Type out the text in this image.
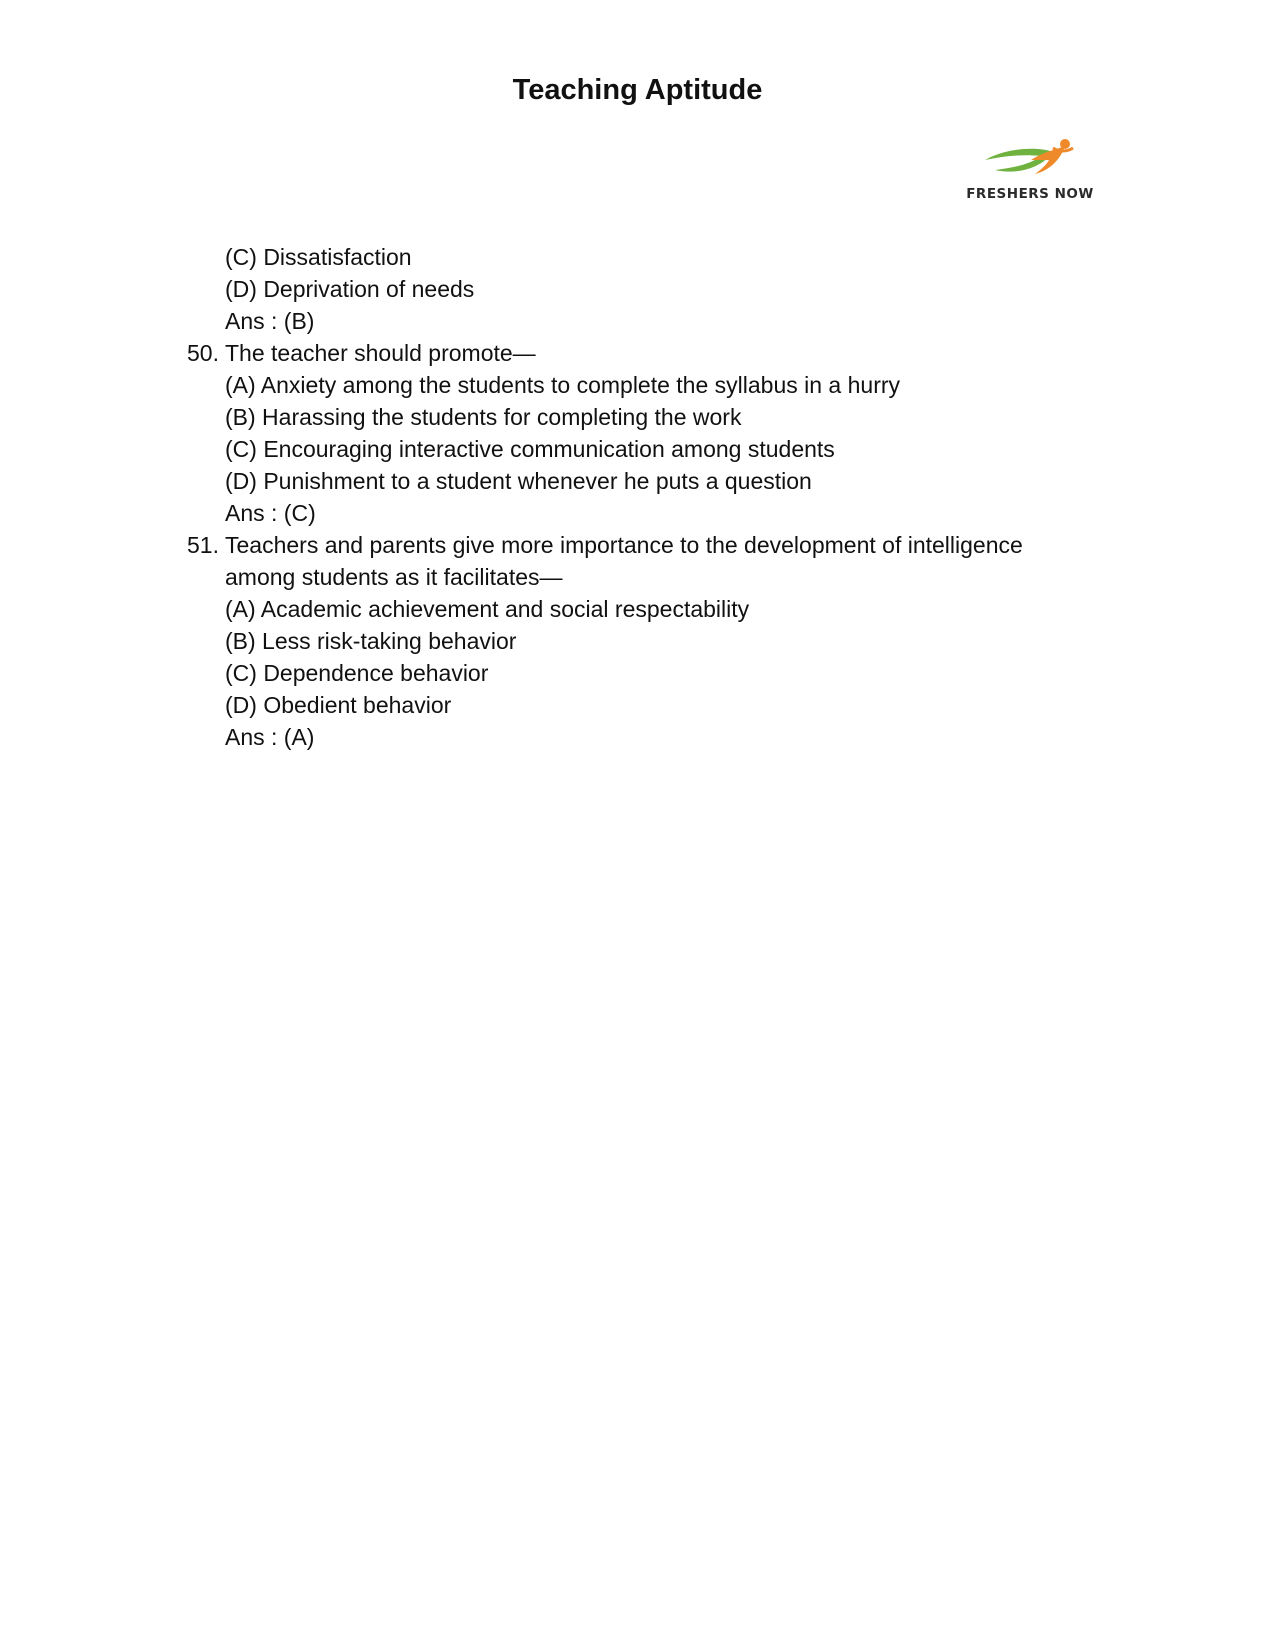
Teaching Aptitude
FRESHERS NOW
(C) Dissatisfaction
(D) Deprivation of needs
Ans : (B)
50. The teacher should promote—
(A) Anxiety among the students to complete the syllabus in a hurry
(B) Harassing the students for completing the work
(C) Encouraging interactive communication among students
(D) Punishment to a student whenever he puts a question
Ans : (C)
51. Teachers and parents give more importance to the development of intelligence
among students as it facilitates—
(A) Academic achievement and social respectability
(B) Less risk-taking behavior
(C) Dependence behavior
(D) Obedient behavior
Ans : (A)
